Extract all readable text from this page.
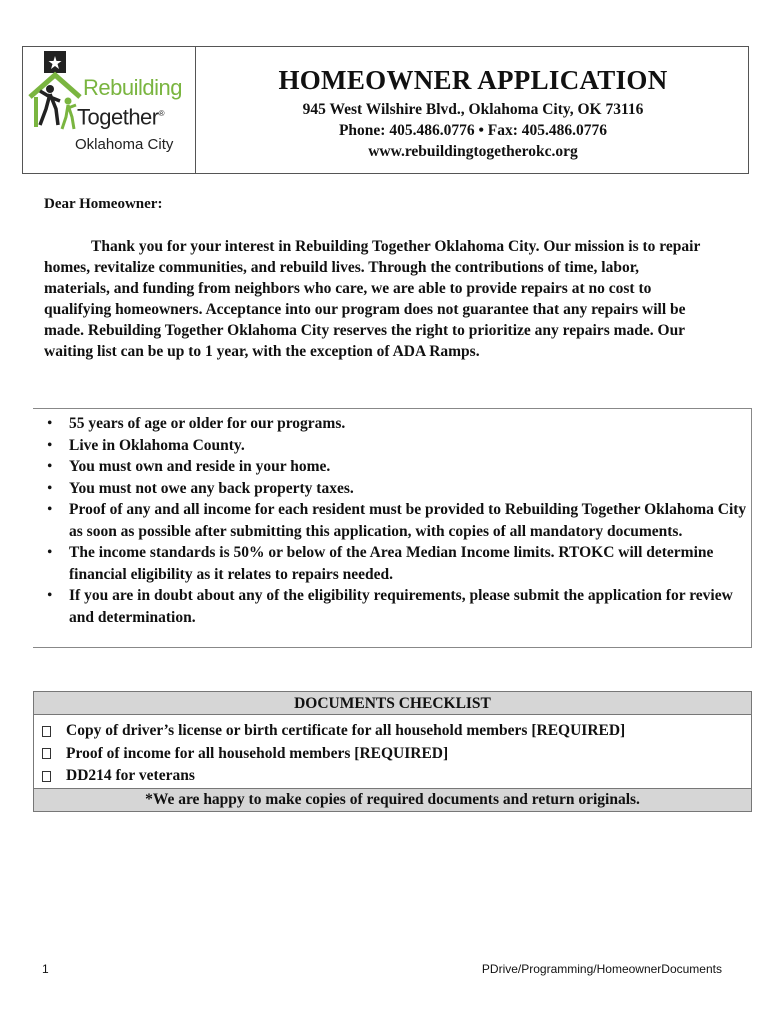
Rebuilding
Together®
Oklahoma City
HOMEOWNER APPLICATION
945 West Wilshire Blvd., Oklahoma City, OK 73116
Phone: 405.486.0776 • Fax: 405.486.0776
www.rebuildingtogetherokc.org
Dear Homeowner:

Thank you for your interest in Rebuilding Together Oklahoma City. Our mission is to repair homes, revitalize communities, and rebuild lives. Through the contributions of time, labor, materials, and funding from neighbors who care, we are able to provide repairs at no cost to qualifying homeowners. Acceptance into our program does not guarantee that any repairs will be made. Rebuilding Together Oklahoma City reserves the right to prioritize any repairs made. Our waiting list can be up to 1 year, with the exception of ADA Ramps.

• 55 years of age or older for our programs.
• Live in Oklahoma County.
• You must own and reside in your home.
• You must not owe any back property taxes.
• Proof of any and all income for each resident must be provided to Rebuilding Together Oklahoma City as soon as possible after submitting this application, with copies of all mandatory documents.
• The income standards is 50% or below of the Area Median Income limits. RTOKC will determine financial eligibility as it relates to repairs needed.
• If you are in doubt about any of the eligibility requirements, please submit the application for review and determination.
DOCUMENTS CHECKLIST
Copy of driver’s license or birth certificate for all household members [REQUIRED]
Proof of income for all household members [REQUIRED]
DD214 for veterans
*We are happy to make copies of required documents and return originals.
1	PDrive/Programming/HomeownerDocuments
